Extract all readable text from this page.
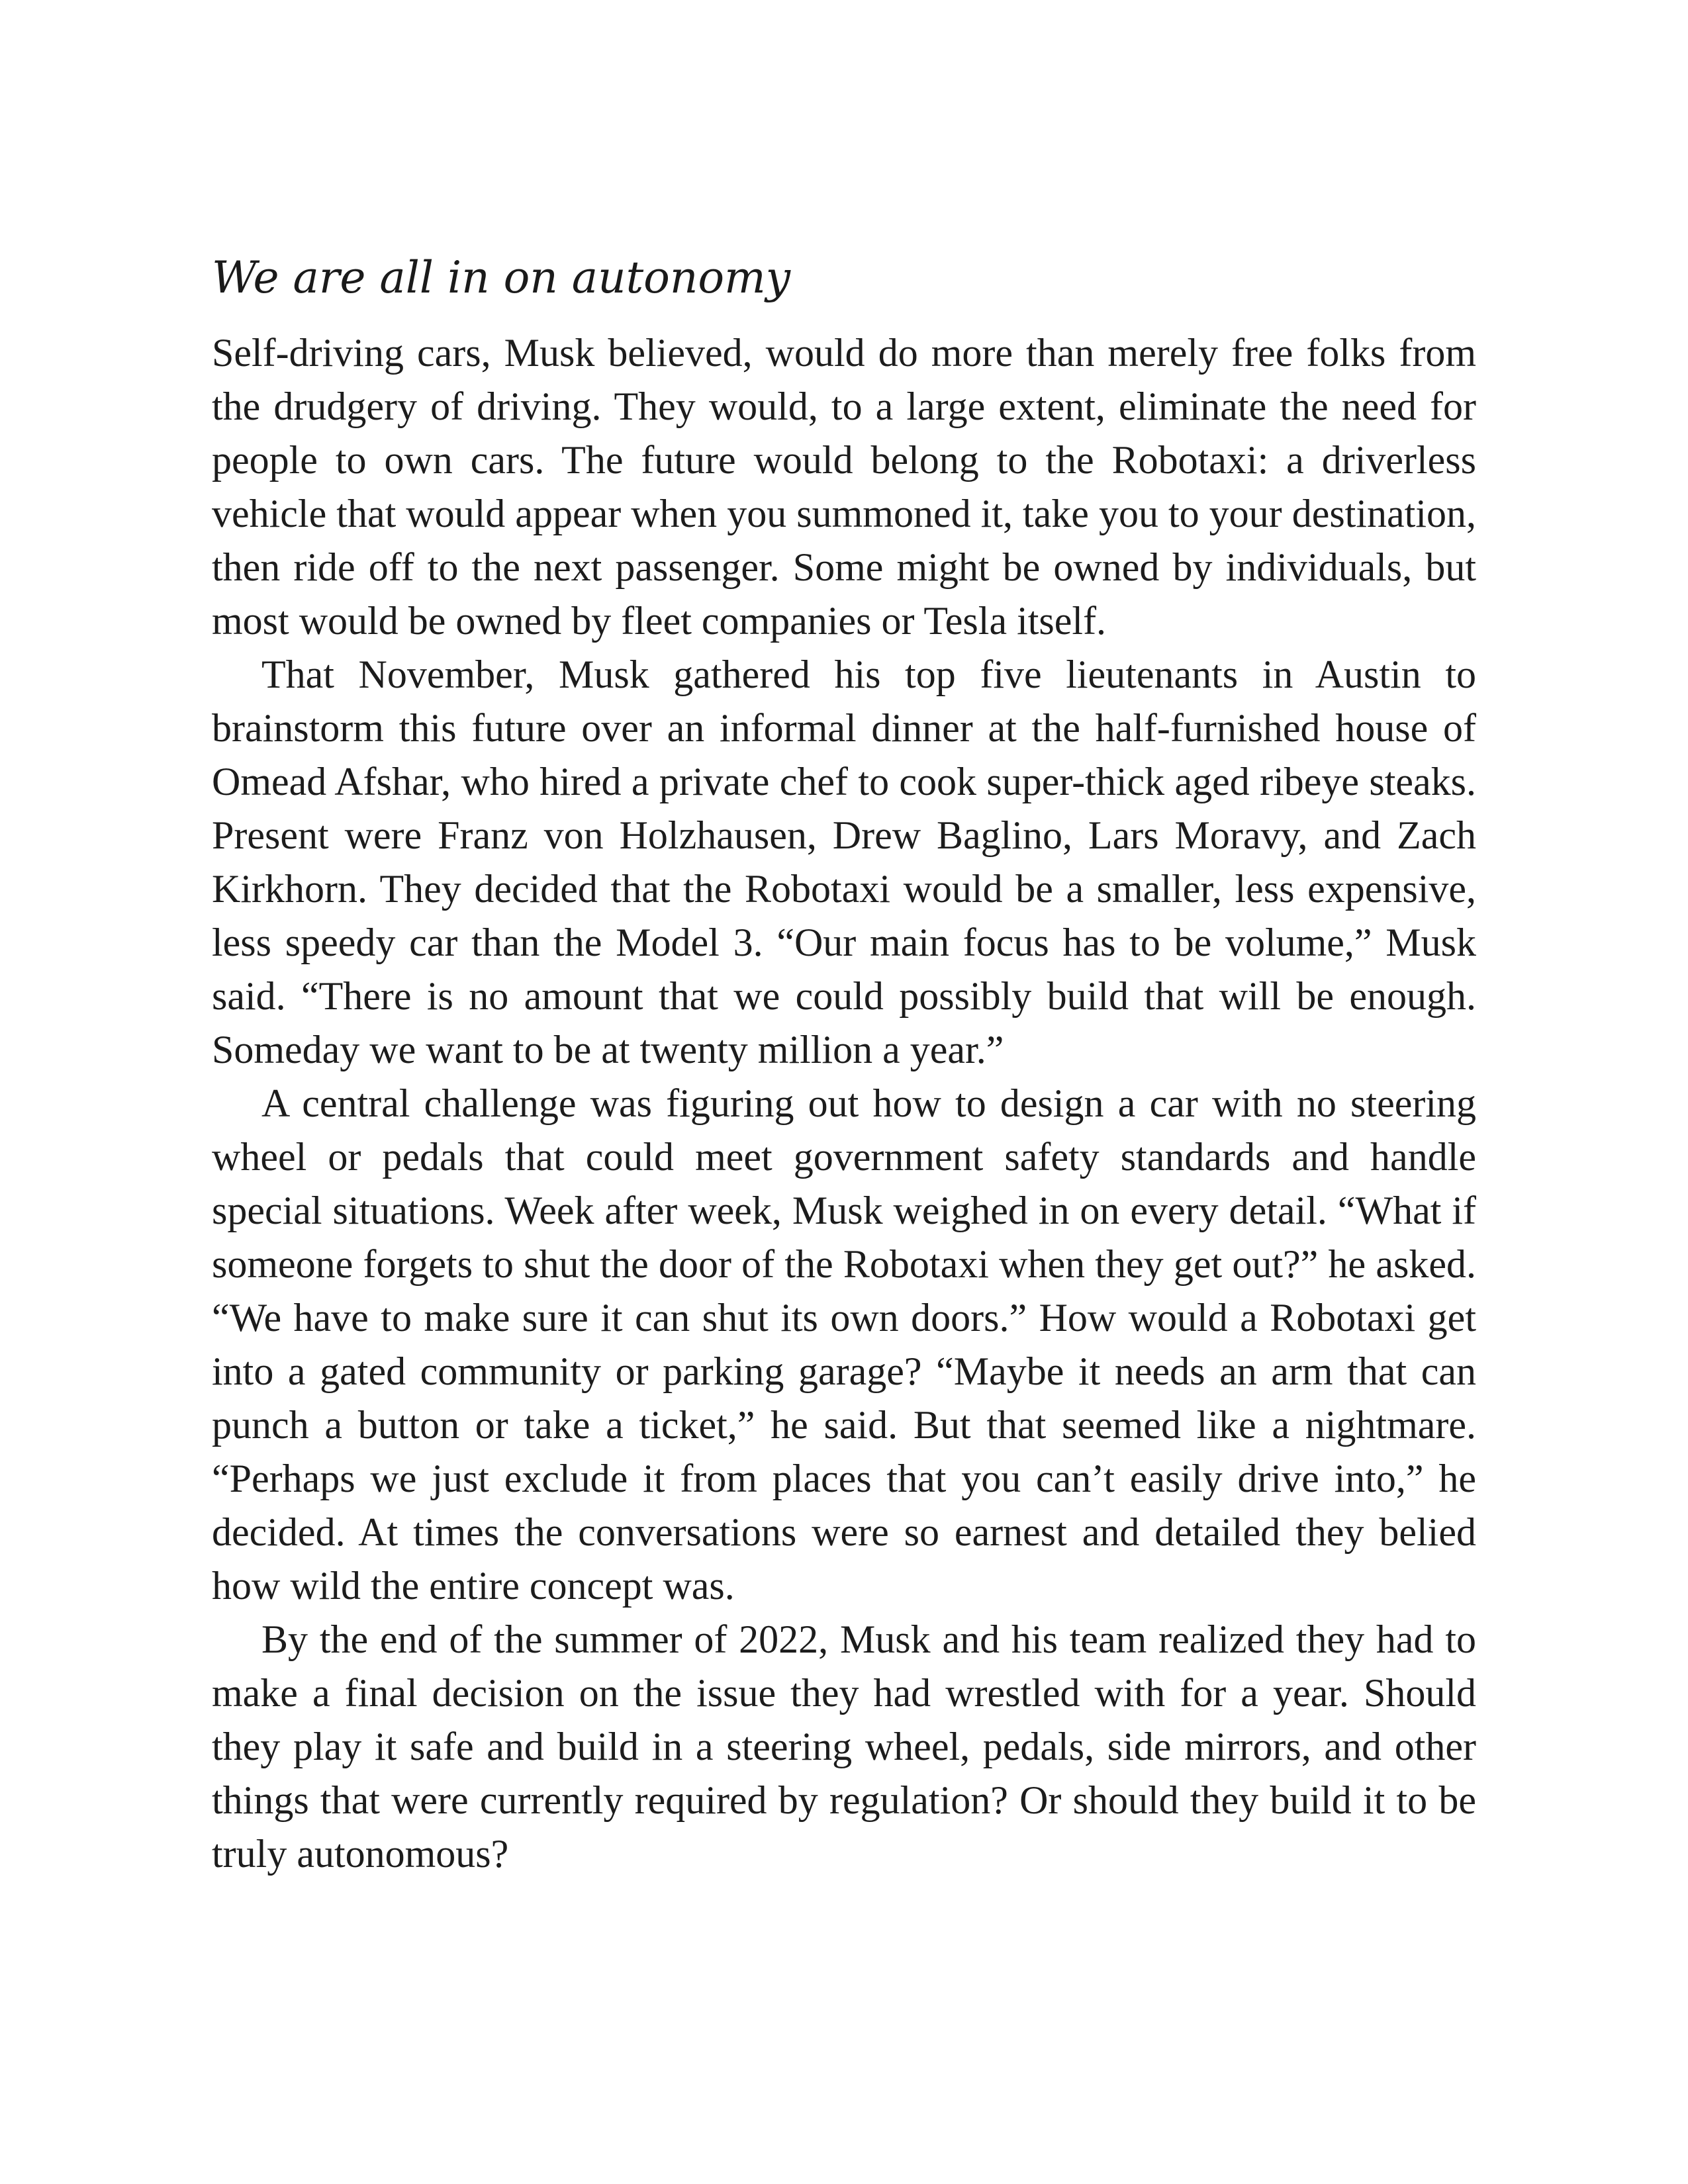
We are all in on autonomy

Self-driving cars, Musk believed, would do more than merely free folks from the drudgery of driving. They would, to a large extent, eliminate the need for people to own cars. The future would belong to the Robotaxi: a driverless vehicle that would appear when you summoned it, take you to your destination, then ride off to the next passenger. Some might be owned by individuals, but most would be owned by fleet companies or Tesla itself.

That November, Musk gathered his top five lieutenants in Austin to brainstorm this future over an informal dinner at the half-furnished house of Omead Afshar, who hired a private chef to cook super-thick aged ribeye steaks. Present were Franz von Holzhausen, Drew Baglino, Lars Moravy, and Zach Kirkhorn. They decided that the Robotaxi would be a smaller, less expensive, less speedy car than the Model 3. “Our main focus has to be volume,” Musk said. “There is no amount that we could possibly build that will be enough. Someday we want to be at twenty million a year.”

A central challenge was figuring out how to design a car with no steering wheel or pedals that could meet government safety standards and handle special situations. Week after week, Musk weighed in on every detail. “What if someone forgets to shut the door of the Robotaxi when they get out?” he asked. “We have to make sure it can shut its own doors.” How would a Robotaxi get into a gated community or parking garage? “Maybe it needs an arm that can punch a button or take a ticket,” he said. But that seemed like a nightmare. “Perhaps we just exclude it from places that you can’t easily drive into,” he decided. At times the conversations were so earnest and detailed they belied how wild the entire concept was.

By the end of the summer of 2022, Musk and his team realized they had to make a final decision on the issue they had wrestled with for a year. Should they play it safe and build in a steering wheel, pedals, side mirrors, and other things that were currently required by regulation? Or should they build it to be truly autonomous?
